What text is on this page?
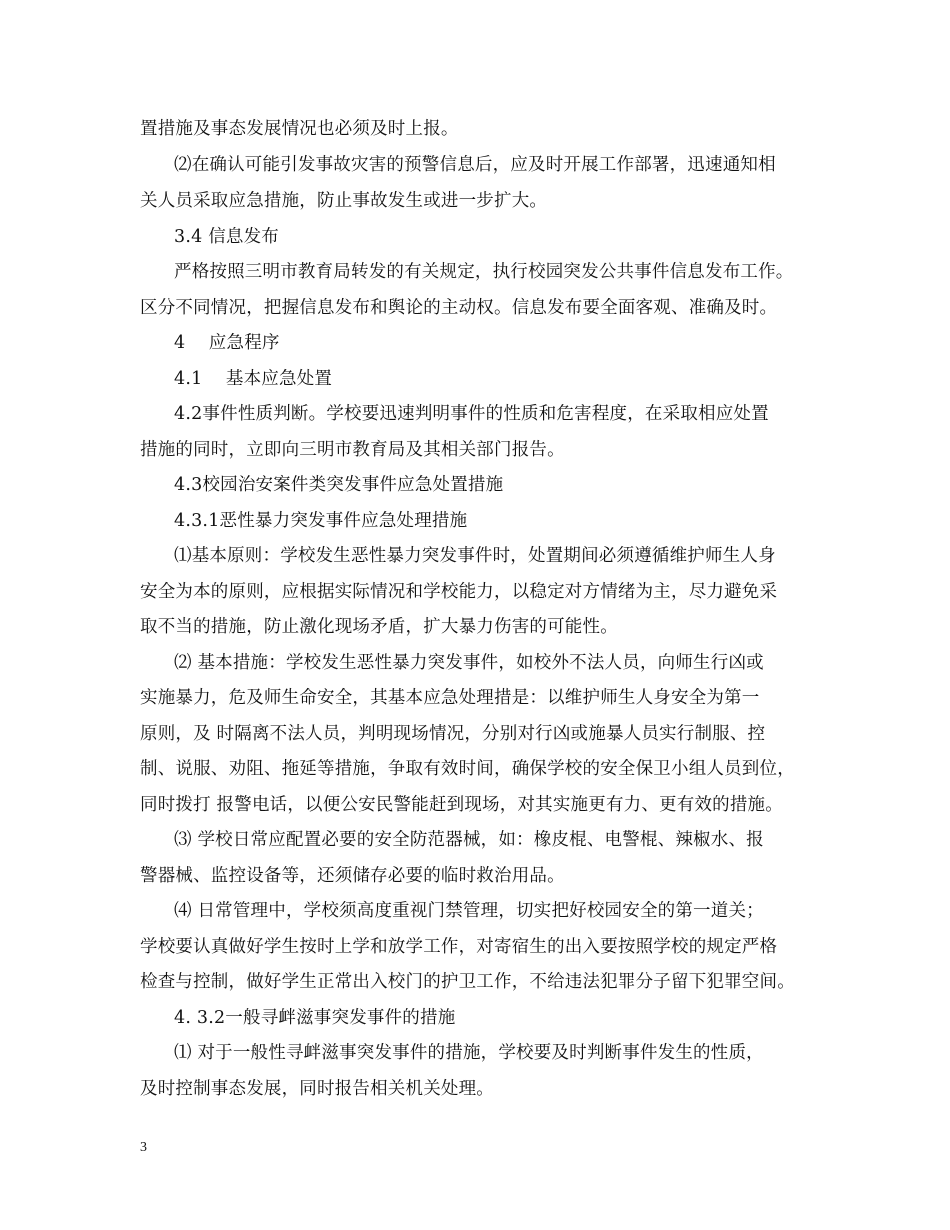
置措施及事态发展情况也必须及时上报。
⑵在确认可能引发事故灾害的预警信息后，应及时开展工作部署，迅速通知相
关人员采取应急措施，防止事故发生或进一步扩大。
3.4 信息发布
严格按照三明市教育局转发的有关规定，执行校园突发公共事件信息发布工作。
区分不同情况，把握信息发布和舆论的主动权。信息发布要全面客观、准确及时。
4　 应急程序
4.1　 基本应急处置
4.2事件性质判断。学校要迅速判明事件的性质和危害程度，在采取相应处置
措施的同时，立即向三明市教育局及其相关部门报告。
4.3校园治安案件类突发事件应急处置措施
4.3.1恶性暴力突发事件应急处理措施
⑴基本原则：学校发生恶性暴力突发事件时，处置期间必须遵循维护师生人身
安全为本的原则，应根据实际情况和学校能力，以稳定对方情绪为主，尽力避免采
取不当的措施，防止激化现场矛盾，扩大暴力伤害的可能性。
⑵ 基本措施：学校发生恶性暴力突发事件，如校外不法人员，向师生行凶或
实施暴力，危及师生命安全，其基本应急处理措是：以维护师生人身安全为第一
原则，及 时隔离不法人员，判明现场情况，分别对行凶或施暴人员实行制服、控
制、说服、劝阻、拖延等措施，争取有效时间，确保学校的安全保卫小组人员到位，
同时拨打 报警电话，以便公安民警能赶到现场，对其实施更有力、更有效的措施。
⑶ 学校日常应配置必要的安全防范器械，如：橡皮棍、电警棍、辣椒水、报
警器械、监控设备等，还须储存必要的临时救治用品。
⑷ 日常管理中，学校须高度重视门禁管理，切实把好校园安全的第一道关；
学校要认真做好学生按时上学和放学工作，对寄宿生的出入要按照学校的规定严格
检查与控制，做好学生正常出入校门的护卫工作，不给违法犯罪分子留下犯罪空间。
4. 3.2一般寻衅滋事突发事件的措施
⑴ 对于一般性寻衅滋事突发事件的措施，学校要及时判断事件发生的性质，
及时控制事态发展，同时报告相关机关处理。
3
